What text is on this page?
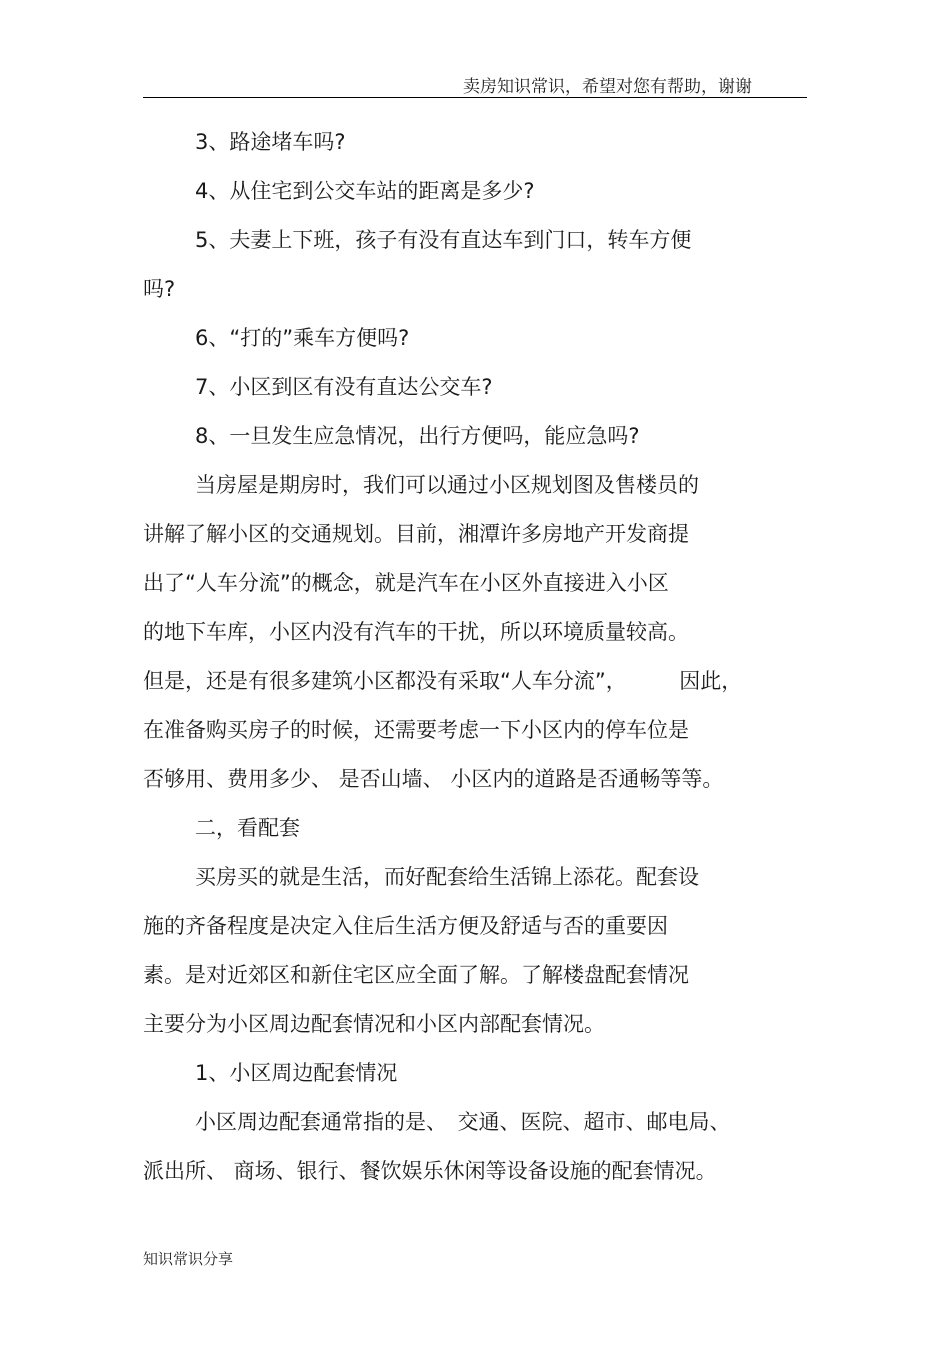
卖房知识常识，希望对您有帮助，谢谢

3、路途堵车吗?

4、从住宅到公交车站的距离是多少?

5、夫妻上下班，孩子有没有直达车到门口，转车方便

吗?

6、“打的”乘车方便吗?

7、小区到区有没有直达公交车?

8、一旦发生应急情况，出行方便吗，能应急吗?

当房屋是期房时，我们可以通过小区规划图及售楼员的

讲解了解小区的交通规划。目前，湘潭许多房地产开发商提

出了“人车分流”的概念，就是汽车在小区外直接进入小区

的地下车库，小区内没有汽车的干扰，所以环境质量较高。

但是，还是有很多建筑小区都没有采取“人车分流”，　　　因此，

在准备购买房子的时候，还需要考虑一下小区内的停车位是

否够用、费用多少、 是否山墙、 小区内的道路是否通畅等等。

二，看配套

买房买的就是生活，而好配套给生活锦上添花。配套设

施的齐备程度是决定入住后生活方便及舒适与否的重要因

素。是对近郊区和新住宅区应全面了解。了解楼盘配套情况

主要分为小区周边配套情况和小区内部配套情况。

1、小区周边配套情况

小区周边配套通常指的是、　交通、医院、超市、邮电局、

派出所、 商场、银行、餐饮娱乐休闲等设备设施的配套情况。

知识常识分享
